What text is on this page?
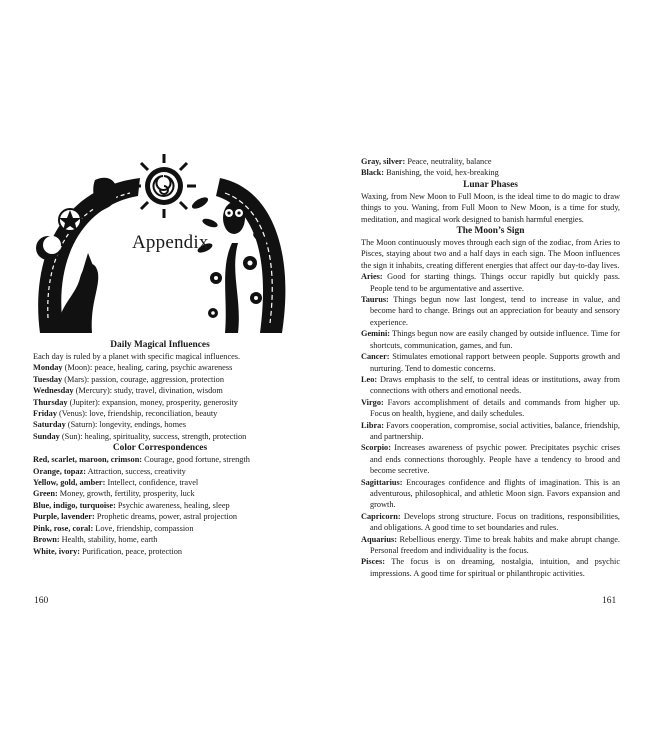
Appendix

Daily Magical Influences

Each day is ruled by a planet with specific magical influences.

Monday (Moon): peace, healing, caring, psychic awareness

Tuesday (Mars): passion, courage, aggression, protection

Wednesday (Mercury): study, travel, divination, wisdom

Thursday (Jupiter): expansion, money, prosperity, generosity

Friday (Venus): love, friendship, reconciliation, beauty

Saturday (Saturn): longevity, endings, homes

Sunday (Sun): healing, spirituality, success, strength, protection

Color Correspondences

Red, scarlet, maroon, crimson: Courage, good fortune, strength

Orange, topaz: Attraction, success, creativity

Yellow, gold, amber: Intellect, confidence, travel

Green: Money, growth, fertility, prosperity, luck

Blue, indigo, turquoise: Psychic awareness, healing, sleep

Purple, lavender: Prophetic dreams, power, astral projection

Pink, rose, coral: Love, friendship, compassion

Brown: Health, stability, home, earth

White, ivory: Purification, peace, protection

160

Gray, silver: Peace, neutrality, balance

Black: Banishing, the void, hex-breaking

Lunar Phases

Waxing, from New Moon to Full Moon, is the ideal time to do magic to draw things to you. Waning, from Full Moon to New Moon, is a time for study, meditation, and magical work designed to banish harmful energies.

The Moon’s Sign

The Moon continuously moves through each sign of the zodiac, from Aries to Pisces, staying about two and a half days in each sign. The Moon influences the sign it inhabits, creating different energies that affect our day-to-day lives.

Aries: Good for starting things. Things occur rapidly but quickly pass. People tend to be argumentative and assertive.

Taurus: Things begun now last longest, tend to increase in value, and become hard to change. Brings out an appreciation for beauty and sensory experience.

Gemini: Things begun now are easily changed by outside influence. Time for shortcuts, communication, games, and fun.

Cancer: Stimulates emotional rapport between people. Supports growth and nurturing. Tend to domestic concerns.

Leo: Draws emphasis to the self, to central ideas or institutions, away from connections with others and emotional needs.

Virgo: Favors accomplishment of details and commands from higher up. Focus on health, hygiene, and daily schedules.

Libra: Favors cooperation, compromise, social activities, balance, friendship, and partnership.

Scorpio: Increases awareness of psychic power. Precipitates psychic crises and ends connections thoroughly. People have a tendency to brood and become secretive.

Sagittarius: Encourages confidence and flights of imagination. This is an adventurous, philosophical, and athletic Moon sign. Favors expansion and growth.

Capricorn: Develops strong structure. Focus on traditions, responsibilities, and obligations. A good time to set boundaries and rules.

Aquarius: Rebellious energy. Time to break habits and make abrupt change. Personal freedom and individuality is the focus.

Pisces: The focus is on dreaming, nostalgia, intuition, and psychic impressions. A good time for spiritual or philanthropic activities.

161
